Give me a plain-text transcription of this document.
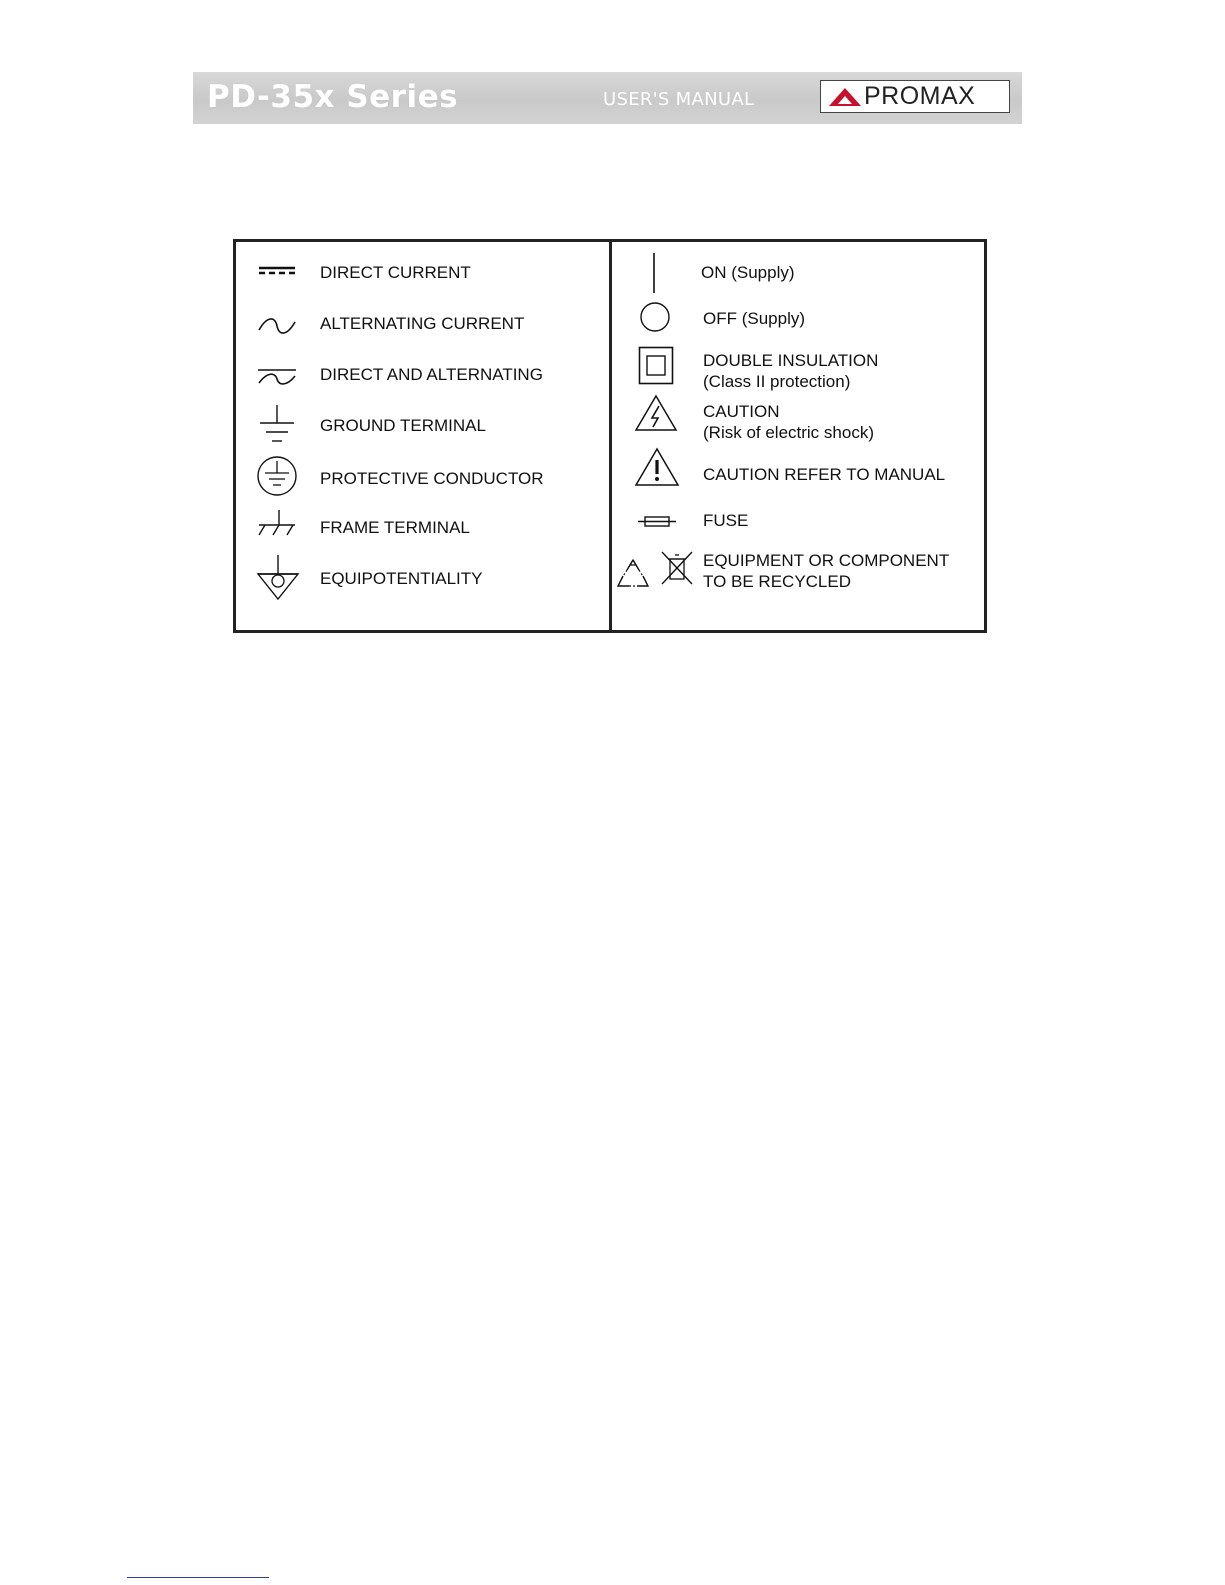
PD-35x Series	USER'S MANUAL	PROMAX
DIRECT CURRENT
ALTERNATING CURRENT
DIRECT AND ALTERNATING
GROUND TERMINAL
PROTECTIVE CONDUCTOR
FRAME TERMINAL
EQUIPOTENTIALITY
ON (Supply)
OFF (Supply)
DOUBLE INSULATION
(Class II protection)
CAUTION
(Risk of electric shock)
CAUTION REFER TO MANUAL
FUSE
EQUIPMENT OR COMPONENT
TO BE RECYCLED
